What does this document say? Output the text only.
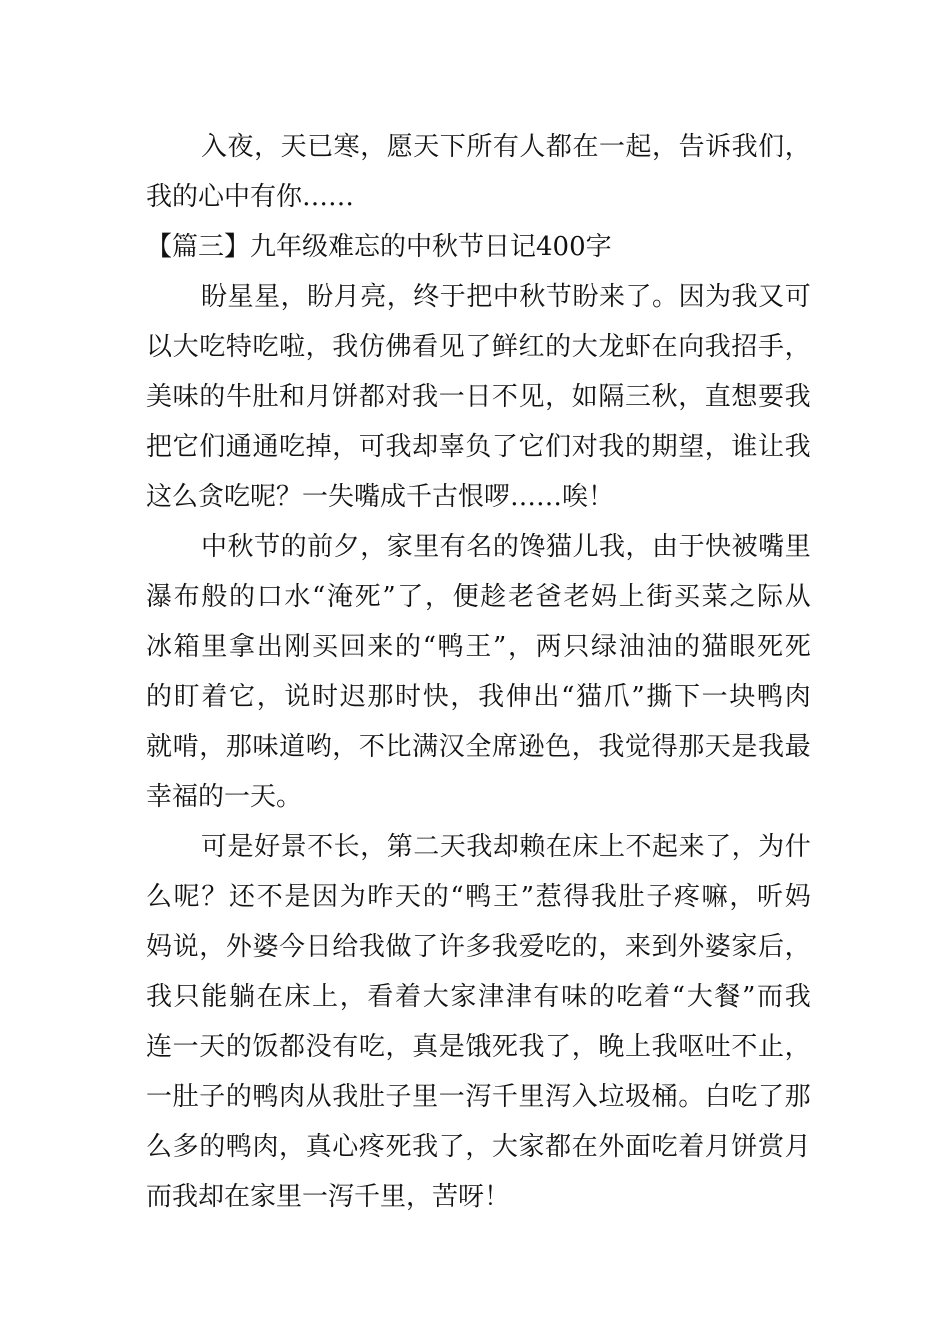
入 夜 ， 天 已 寒 ， 愿 天 下 所 有 人 都 在 一 起 ， 告 诉 我 们 ，
我的心中有你……
【篇三】九年级难忘的中秋节日记400字
盼 星 星 ， 盼 月 亮 ， 终 于 把 中 秋 节 盼 来 了 。 因 为 我 又 可
以 大 吃 特 吃 啦 ， 我 仿 佛 看 见 了 鲜 红 的 大 龙 虾 在 向 我 招 手 ，
美 味 的 牛 肚 和 月 饼 都 对 我 一 日 不 见 ， 如 隔 三 秋 ， 直 想 要 我
把 它 们 通 通 吃 掉 ， 可 我 却 辜 负 了 它 们 对 我 的 期 望 ， 谁 让 我
这么贪吃呢？一失嘴成千古恨啰……唉！
中 秋 节 的 前 夕 ， 家 里 有 名 的 馋 猫 儿 我 ， 由 于 快 被 嘴 里
瀑 布 般 的 口 水 “ 淹 死 ” 了 ， 便 趁 老 爸 老 妈 上 街 买 菜 之 际 从
冰 箱 里 拿 出 刚 买 回 来 的 “ 鸭 王 ” ， 两 只 绿 油 油 的 猫 眼 死 死
的 盯 着 它 ， 说 时 迟 那 时 快 ， 我 伸 出 “ 猫 爪 ” 撕 下 一 块 鸭 肉
就 啃 ， 那 味 道 哟 ， 不 比 满 汉 全 席 逊 色 ， 我 觉 得 那 天 是 我 最
幸福的一天。
可 是 好 景 不 长 ， 第 二 天 我 却 赖 在 床 上 不 起 来 了 ， 为 什
么 呢 ？ 还 不 是 因 为 昨 天 的 “ 鸭 王 ” 惹 得 我 肚 子 疼 嘛 ， 听 妈
妈 说 ， 外 婆 今 日 给 我 做 了 许 多 我 爱 吃 的 ， 来 到 外 婆 家 后 ，
我 只 能 躺 在 床 上 ， 看 着 大 家 津 津 有 味 的 吃 着 “ 大 餐 ” 而 我
连 一 天 的 饭 都 没 有 吃 ， 真 是 饿 死 我 了 ， 晚 上 我 呕 吐 不 止 ，
一 肚 子 的 鸭 肉 从 我 肚 子 里 一 泻 千 里 泻 入 垃 圾 桶 。 白 吃 了 那
么 多 的 鸭 肉 ， 真 心 疼 死 我 了 ， 大 家 都 在 外 面 吃 着 月 饼 赏 月
而我却在家里一泻千里，苦呀！
